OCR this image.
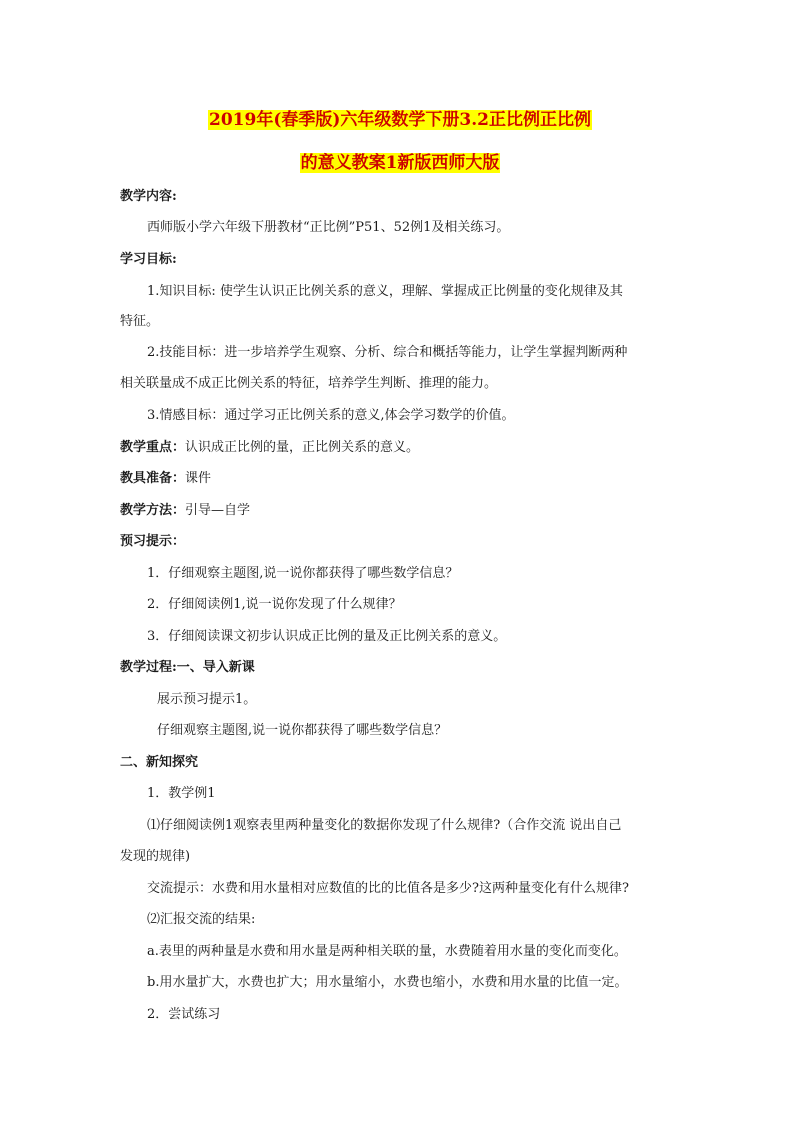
2019年(春季版)六年级数学下册3.2正比例正比例
的意义教案1新版西师大版
教学内容:
西师版小学六年级下册教材“正比例”P51、52例1及相关练习。
学习目标:
1.知识目标: 使学生认识正比例关系的意义，理解、掌握成正比例量的变化规律及其
特征。
2.技能目标：进一步培养学生观察、分析、综合和概括等能力，让学生掌握判断两种
相关联量成不成正比例关系的特征，培养学生判断、推理的能力。
3.情感目标：通过学习正比例关系的意义,体会学习数学的价值。
教学重点：认识成正比例的量，正比例关系的意义。
教具准备：课件
教学方法：引导—自学
预习提示：
1．仔细观察主题图,说一说你都获得了哪些数学信息？
2．仔细阅读例1,说一说你发现了什么规律？
3．仔细阅读课文初步认识成正比例的量及正比例关系的意义。
教学过程:一、导入新课
展示预习提示1。
仔细观察主题图,说一说你都获得了哪些数学信息？
二、新知探究
1．教学例1
⑴仔细阅读例1观察表里两种量变化的数据你发现了什么规律?（合作交流 说出自己
发现的规律)
交流提示：水费和用水量相对应数值的比的比值各是多少?这两种量变化有什么规律?
⑵汇报交流的结果:
a.表里的两种量是水费和用水量是两种相关联的量，水费随着用水量的变化而变化。
b.用水量扩大，水费也扩大；用水量缩小，水费也缩小，水费和用水量的比值一定。
2．尝试练习
